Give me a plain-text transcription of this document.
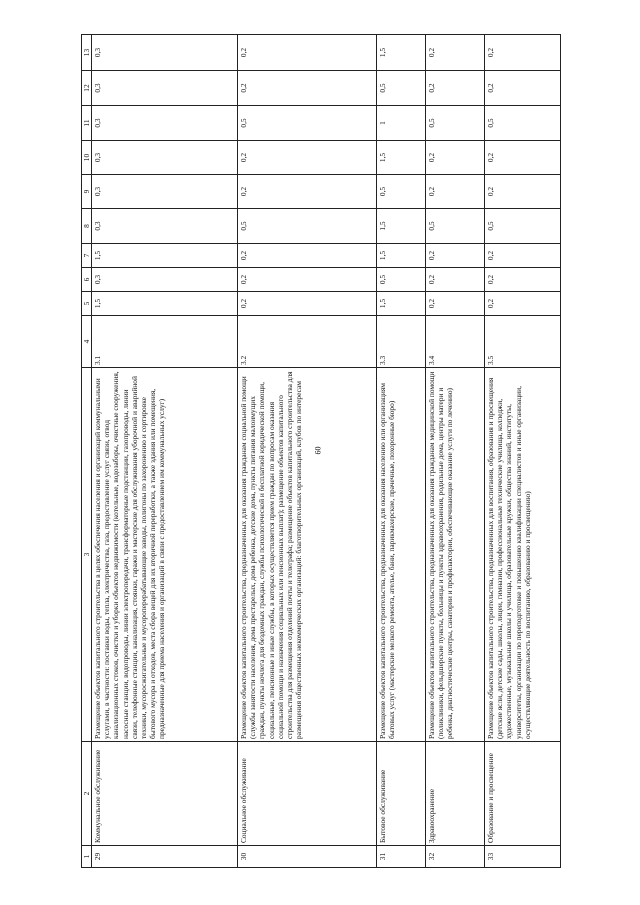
60
1	2	3	4	5	6	7	8	9	10	11	12	13
29	Коммунальное обслуживание	Размещение объектов капитального строительства в целях обеспечения населения и организаций коммунальными услугами, в частности: поставки воды, тепла, электричества, газа, предоставление услуг связи, отвод канализационных стоков, очистки и уборки объектов недвижимости (котельные, водозаборы, очистные сооружения, насосные станции, водопроводы, линии электропередачи, трансформаторные подстанции, газопроводы, линии связи, телефонные станции, канализация, стоянки, гаражи и мастерские для обслуживания уборочной и аварийной техники, мусоросжигательные и мусороперерабатывающие заводы, полигоны по захоронению и сортировке бытового мусора и отходов, места сбора вещей для их вторичной переработки, а также здания или помещения, предназначенные для приема населения и организаций в связи с предоставлением им коммунальных услуг)	3.1	1,5	0,3	1,5	0,3	0,3	0,3	0,3	0,3	0,3
30	Социальное обслуживание	Размещение объектов капитального строительства, предназначенных для оказания гражданам социальной помощи (службы занятости населения, дома престарелых, дома ребенка, детские дома, пункты питания малоимущих граждан, пункты ночлега для бездомных граждан, службы психологической и бесплатной юридической помощи, социальные, пенсионные и иные службы, в которых осуществляется прием граждан по вопросам оказания социальной помощи и назначения социальных или пенсионных выплат); размещение объектов капитального строительства для размещения отделений почты и телеграфа; размещение объектов капитального строительства для размещения общественных некоммерческих организаций: благотворительных организаций, клубов по интересам	3.2	0,2	0,2	0,2	0,5	0,2	0,2	0,5	0,2	0,2
31	Бытовое обслуживание	Размещение объектов капитального строительства, предназначенных для оказания населению или организациям бытовых услуг (мастерские мелкого ремонта, ателье, бани, парикмахерские, прачечные, похоронные бюро)	3.3	1,5	0,5	1,5	1,5	0,5	1,5	1	0,5	1,5
32	Здравоохранение	Размещение объектов капитального строительства, предназначенных для оказания гражданам медицинской помощи (поликлиники, фельдшерские пункты, больницы и пункты здравоохранения, родильные дома, центры матери и ребенка, диагностические центры, санатории и профилактории, обеспечивающие оказание услуги по лечению)	3.4	0,2	0,2	0,2	0,5	0,2	0,2	0,5	0,2	0,2
33	Образование и просвещение	Размещение объектов капитального строительства, предназначенных для воспитания, образования и просвещения (детские ясли, детские сады, школы, лицеи, гимназии, профессиональные технические училища, колледжи, художественные, музыкальные школы и училища, образовательные кружки, общества знаний, институты, университеты, организации по переподготовке и повышению квалификации специалистов и иные организации, осуществляющие деятельность по воспитанию, образованию и просвещению)	3.5	0,2	0,2	0,2	0,5	0,2	0,2	0,5	0,2	0,2
